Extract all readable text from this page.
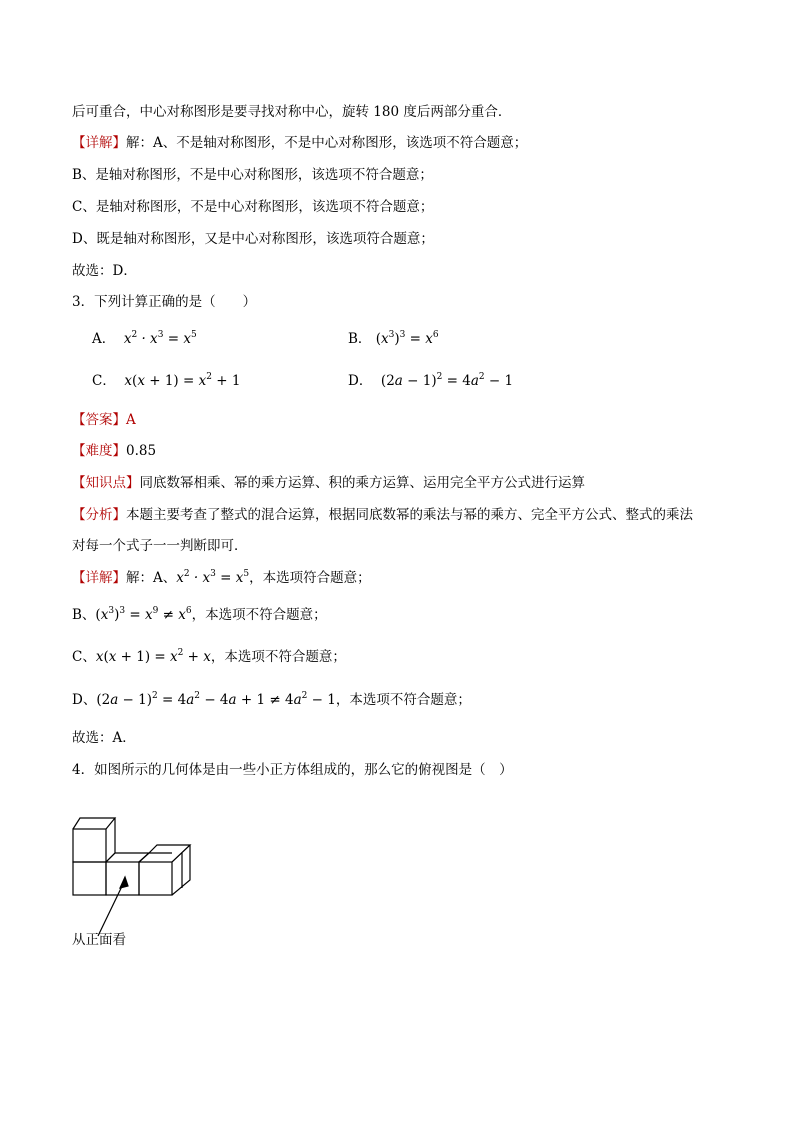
后可重合，中心对称图形是要寻找对称中心，旋转 180 度后两部分重合．
【详解】解：A、不是轴对称图形，不是中心对称图形，该选项不符合题意；
B、是轴对称图形，不是中心对称图形，该选项不符合题意；
C、是轴对称图形，不是中心对称图形，该选项不符合题意；
D、既是轴对称图形，又是中心对称图形，该选项符合题意；
故选：D．
3．下列计算正确的是（　　）
A．  $x^2 \cdot x^3 = x^5$	B． $(x^3)^3 = x^6$
C．  $x(x + 1) = x^2 + 1$	D． $(2a - 1)^2 = 4a^2 - 1$
【答案】A
【难度】0.85
【知识点】同底数幂相乘、幂的乘方运算、积的乘方运算、运用完全平方公式进行运算
【分析】本题主要考查了整式的混合运算，根据同底数幂的乘法与幂的乘方、完全平方公式、整式的乘法
对每一个式子一一判断即可．
【详解】解：A、$x^2 \cdot x^3 = x^5$，本选项符合题意；
B、$(x^3)^3 = x^9 \ne x^6$，本选项不符合题意；
C、$x(x + 1) = x^2 + x$，本选项不符合题意；
D、$(2a - 1)^2 = 4a^2 - 4a + 1 \ne 4a^2 - 1$，本选项不符合题意；
故选：A．
4．如图所示的几何体是由一些小正方体组成的，那么它的俯视图是（　）
从正面看
